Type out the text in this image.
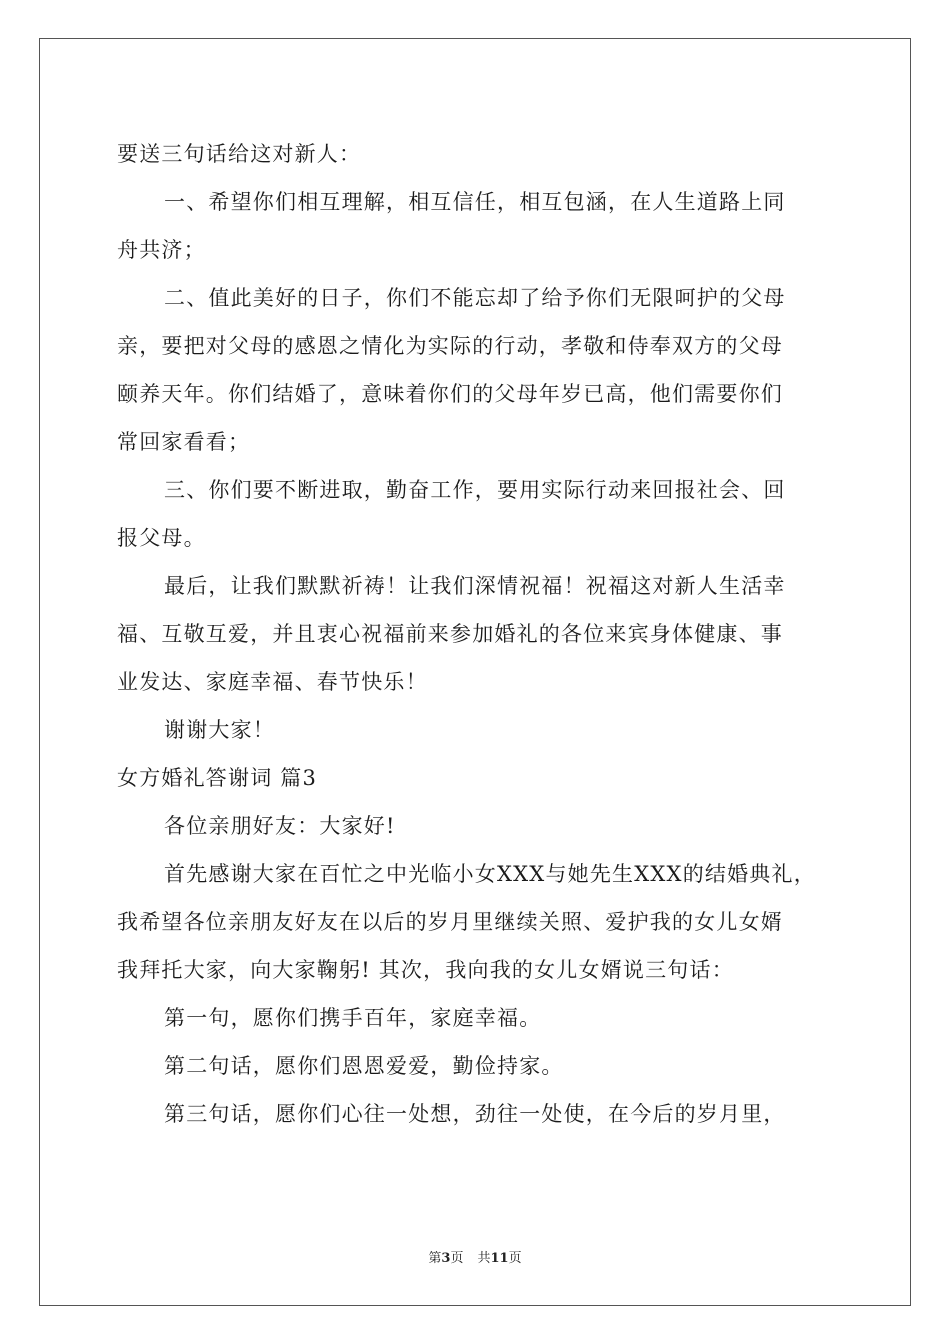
要送三句话给这对新人：
一、希望你们相互理解，相互信任，相互包涵，在人生道路上同
舟共济；
二、值此美好的日子，你们不能忘却了给予你们无限呵护的父母
亲，要把对父母的感恩之情化为实际的行动，孝敬和侍奉双方的父母
颐养天年。你们结婚了，意味着你们的父母年岁已高，他们需要你们
常回家看看；
三、你们要不断进取，勤奋工作，要用实际行动来回报社会、回
报父母。
最后，让我们默默祈祷！让我们深情祝福！祝福这对新人生活幸
福、互敬互爱，并且衷心祝福前来参加婚礼的各位来宾身体健康、事
业发达、家庭幸福、春节快乐！
谢谢大家！
女方婚礼答谢词 篇3
各位亲朋好友：大家好!
首先感谢大家在百忙之中光临小女XXX与她先生XXX的结婚典礼，
我希望各位亲朋友好友在以后的岁月里继续关照、爱护我的女儿女婿
我拜托大家，向大家鞠躬! 其次，我向我的女儿女婿说三句话：
第一句，愿你们携手百年，家庭幸福。
第二句话，愿你们恩恩爱爱，勤俭持家。
第三句话，愿你们心往一处想，劲往一处使，在今后的岁月里，
第3页 共11页
